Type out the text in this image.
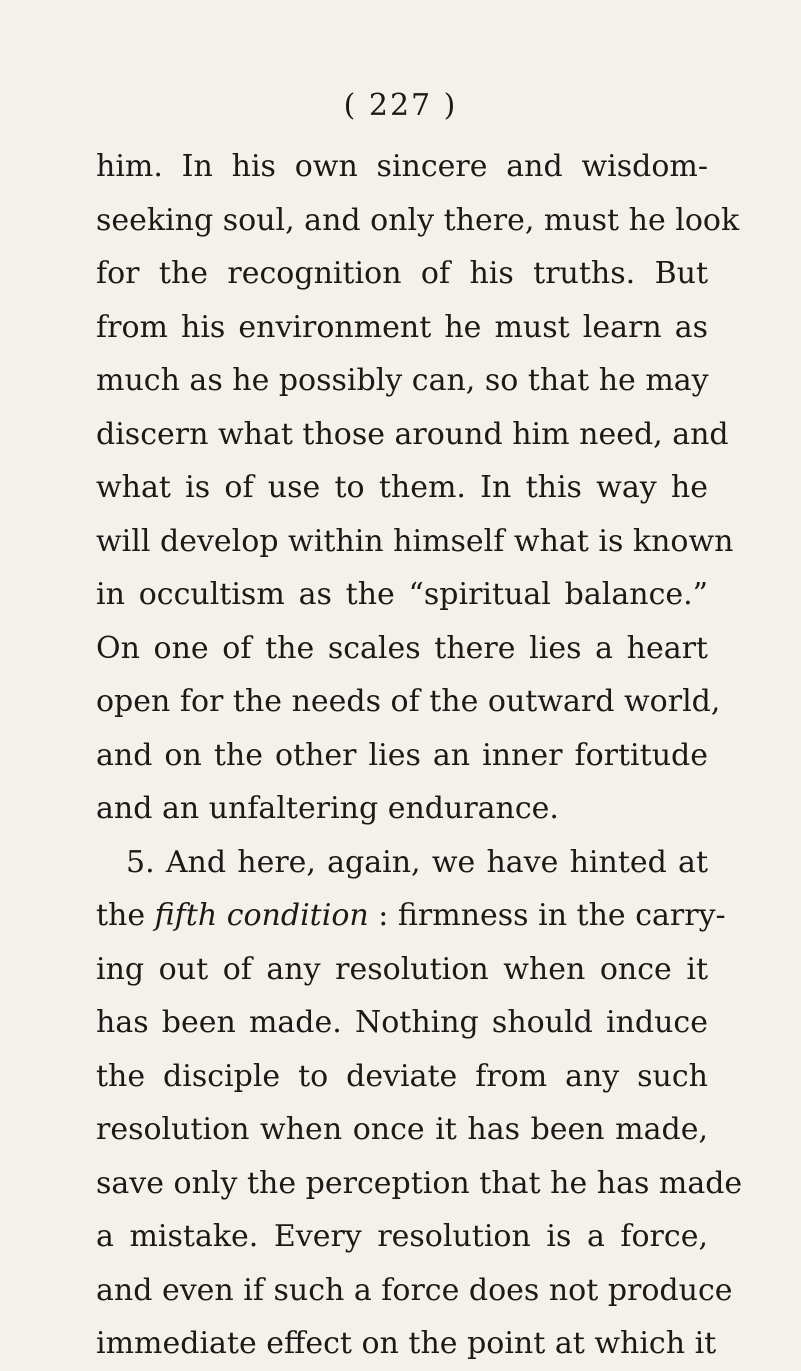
( 227 )
him. In his own sincere and wisdom-
seeking soul, and only there, must he look
for the recognition of his truths. But
from his environment he must learn as
much as he possibly can, so that he may
discern what those around him need, and
what is of use to them. In this way he
will develop within himself what is known
in occultism as the “spiritual balance.”
On one of the scales there lies a heart
open for the needs of the outward world,
and on the other lies an inner fortitude
and an unfaltering endurance.
5. And here, again, we have hinted at
the fifth condition : firmness in the carry-
ing out of any resolution when once it
has been made. Nothing should induce
the disciple to deviate from any such
resolution when once it has been made,
save only the perception that he has made
a mistake. Every resolution is a force,
and even if such a force does not produce
immediate effect on the point at which it
